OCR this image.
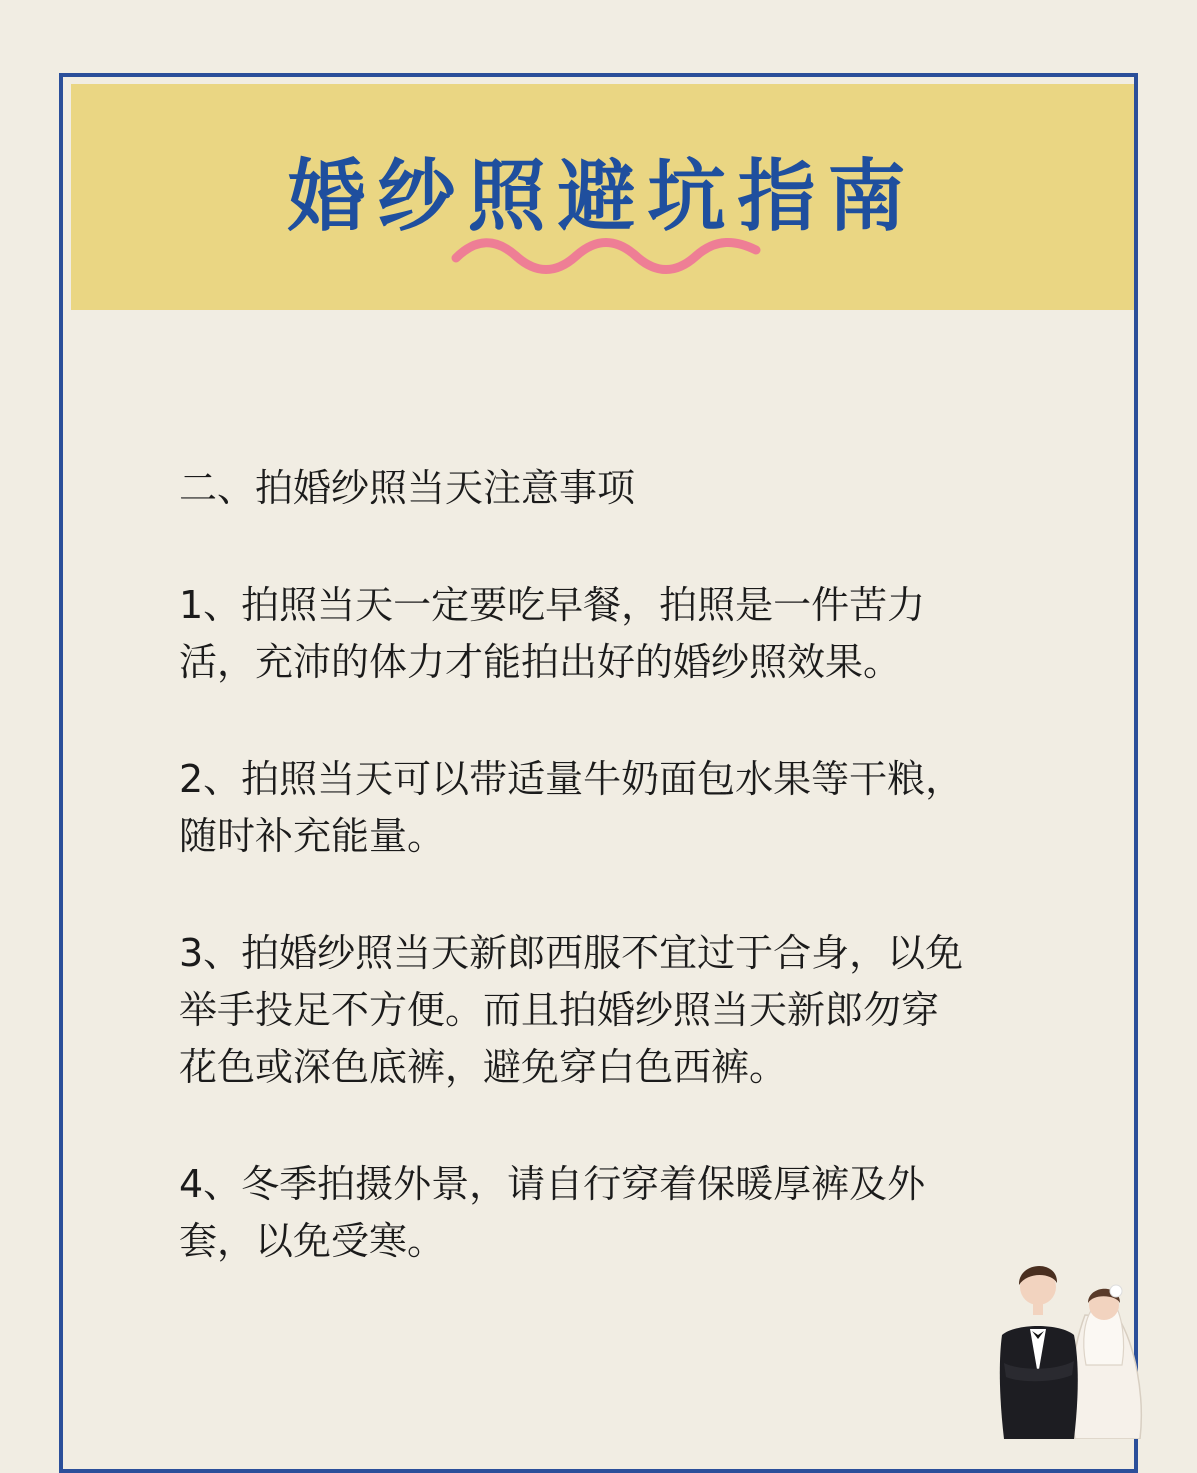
婚纱照避坑指南
二、拍婚纱照当天注意事项
1、拍照当天一定要吃早餐，拍照是一件苦力
活，充沛的体力才能拍出好的婚纱照效果。
2、拍照当天可以带适量牛奶面包水果等干粮，
随时补充能量。
3、拍婚纱照当天新郎西服不宜过于合身，以免
举手投足不方便。而且拍婚纱照当天新郎勿穿
花色或深色底裤，避免穿白色西裤。
4、冬季拍摄外景，请自行穿着保暖厚裤及外
套，以免受寒。
